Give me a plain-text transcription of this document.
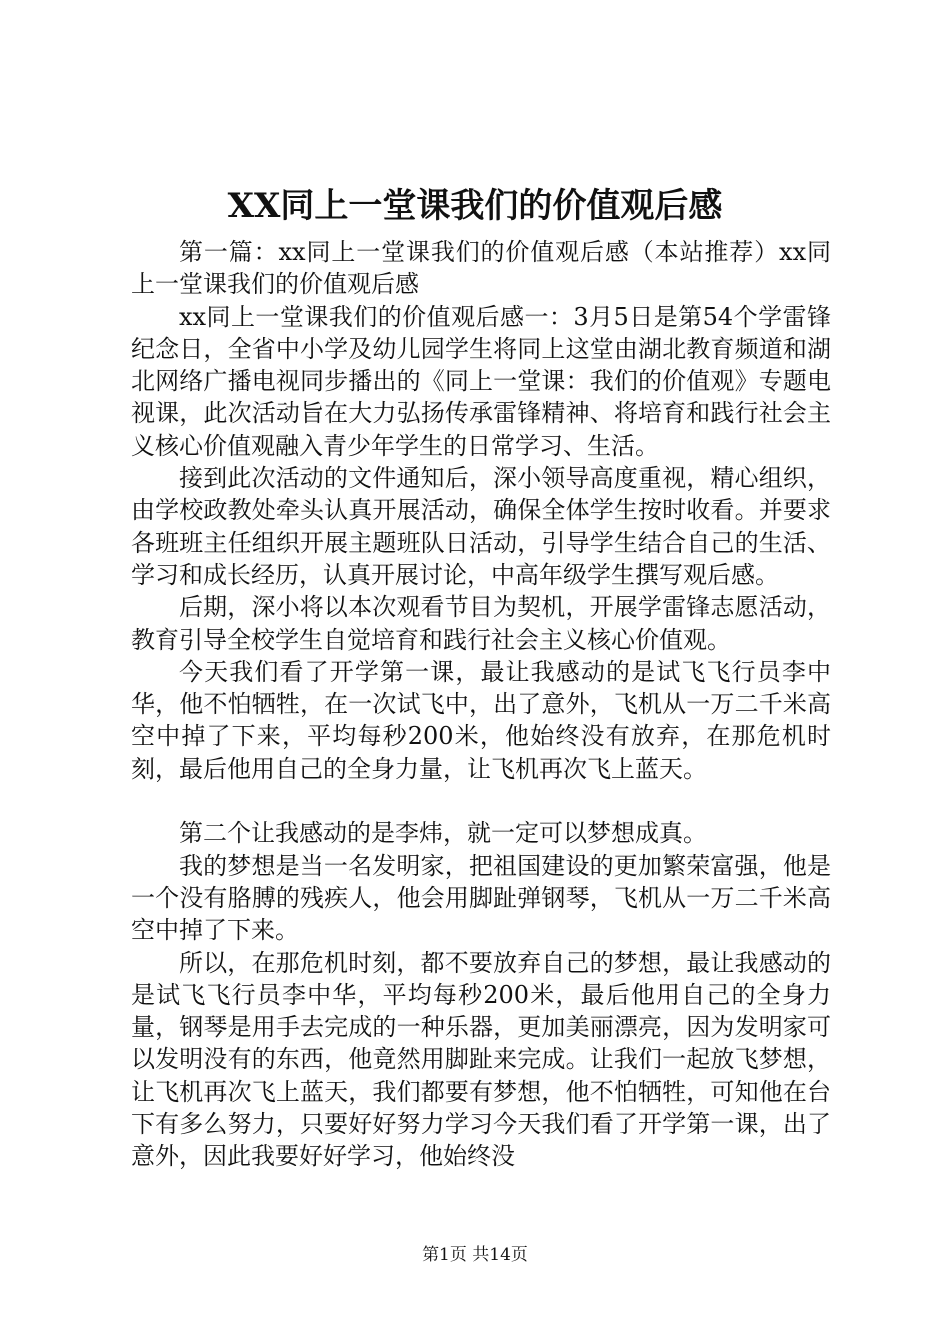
XX同上一堂课我们的价值观后感

第一篇：xx同上一堂课我们的价值观后感（本站推荐）xx同上一堂课我们的价值观后感

xx同上一堂课我们的价值观后感一：3月5日是第54个学雷锋纪念日，全省中小学及幼儿园学生将同上这堂由湖北教育频道和湖北网络广播电视同步播出的《同上一堂课：我们的价值观》专题电视课，此次活动旨在大力弘扬传承雷锋精神、将培育和践行社会主义核心价值观融入青少年学生的日常学习、生活。

接到此次活动的文件通知后，深小领导高度重视，精心组织，由学校政教处牵头认真开展活动，确保全体学生按时收看。并要求各班班主任组织开展主题班队日活动，引导学生结合自己的生活、学习和成长经历，认真开展讨论，中高年级学生撰写观后感。

后期，深小将以本次观看节目为契机，开展学雷锋志愿活动，教育引导全校学生自觉培育和践行社会主义核心价值观。

今天我们看了开学第一课，最让我感动的是试飞飞行员李中华，他不怕牺牲，在一次试飞中，出了意外，飞机从一万二千米高空中掉了下来，平均每秒200米，他始终没有放弃，在那危机时刻，最后他用自己的全身力量，让飞机再次飞上蓝天。

第二个让我感动的是李炜，就一定可以梦想成真。

我的梦想是当一名发明家，把祖国建设的更加繁荣富强，他是一个没有胳膊的残疾人，他会用脚趾弹钢琴，飞机从一万二千米高空中掉了下来。

所以，在那危机时刻，都不要放弃自己的梦想，最让我感动的是试飞飞行员李中华，平均每秒200米，最后他用自己的全身力量，钢琴是用手去完成的一种乐器，更加美丽漂亮，因为发明家可以发明没有的东西，他竟然用脚趾来完成。让我们一起放飞梦想，让飞机再次飞上蓝天，我们都要有梦想，他不怕牺牲，可知他在台下有多么努力，只要好好努力学习今天我们看了开学第一课，出了意外，因此我要好好学习，他始终没

第1页 共14页
